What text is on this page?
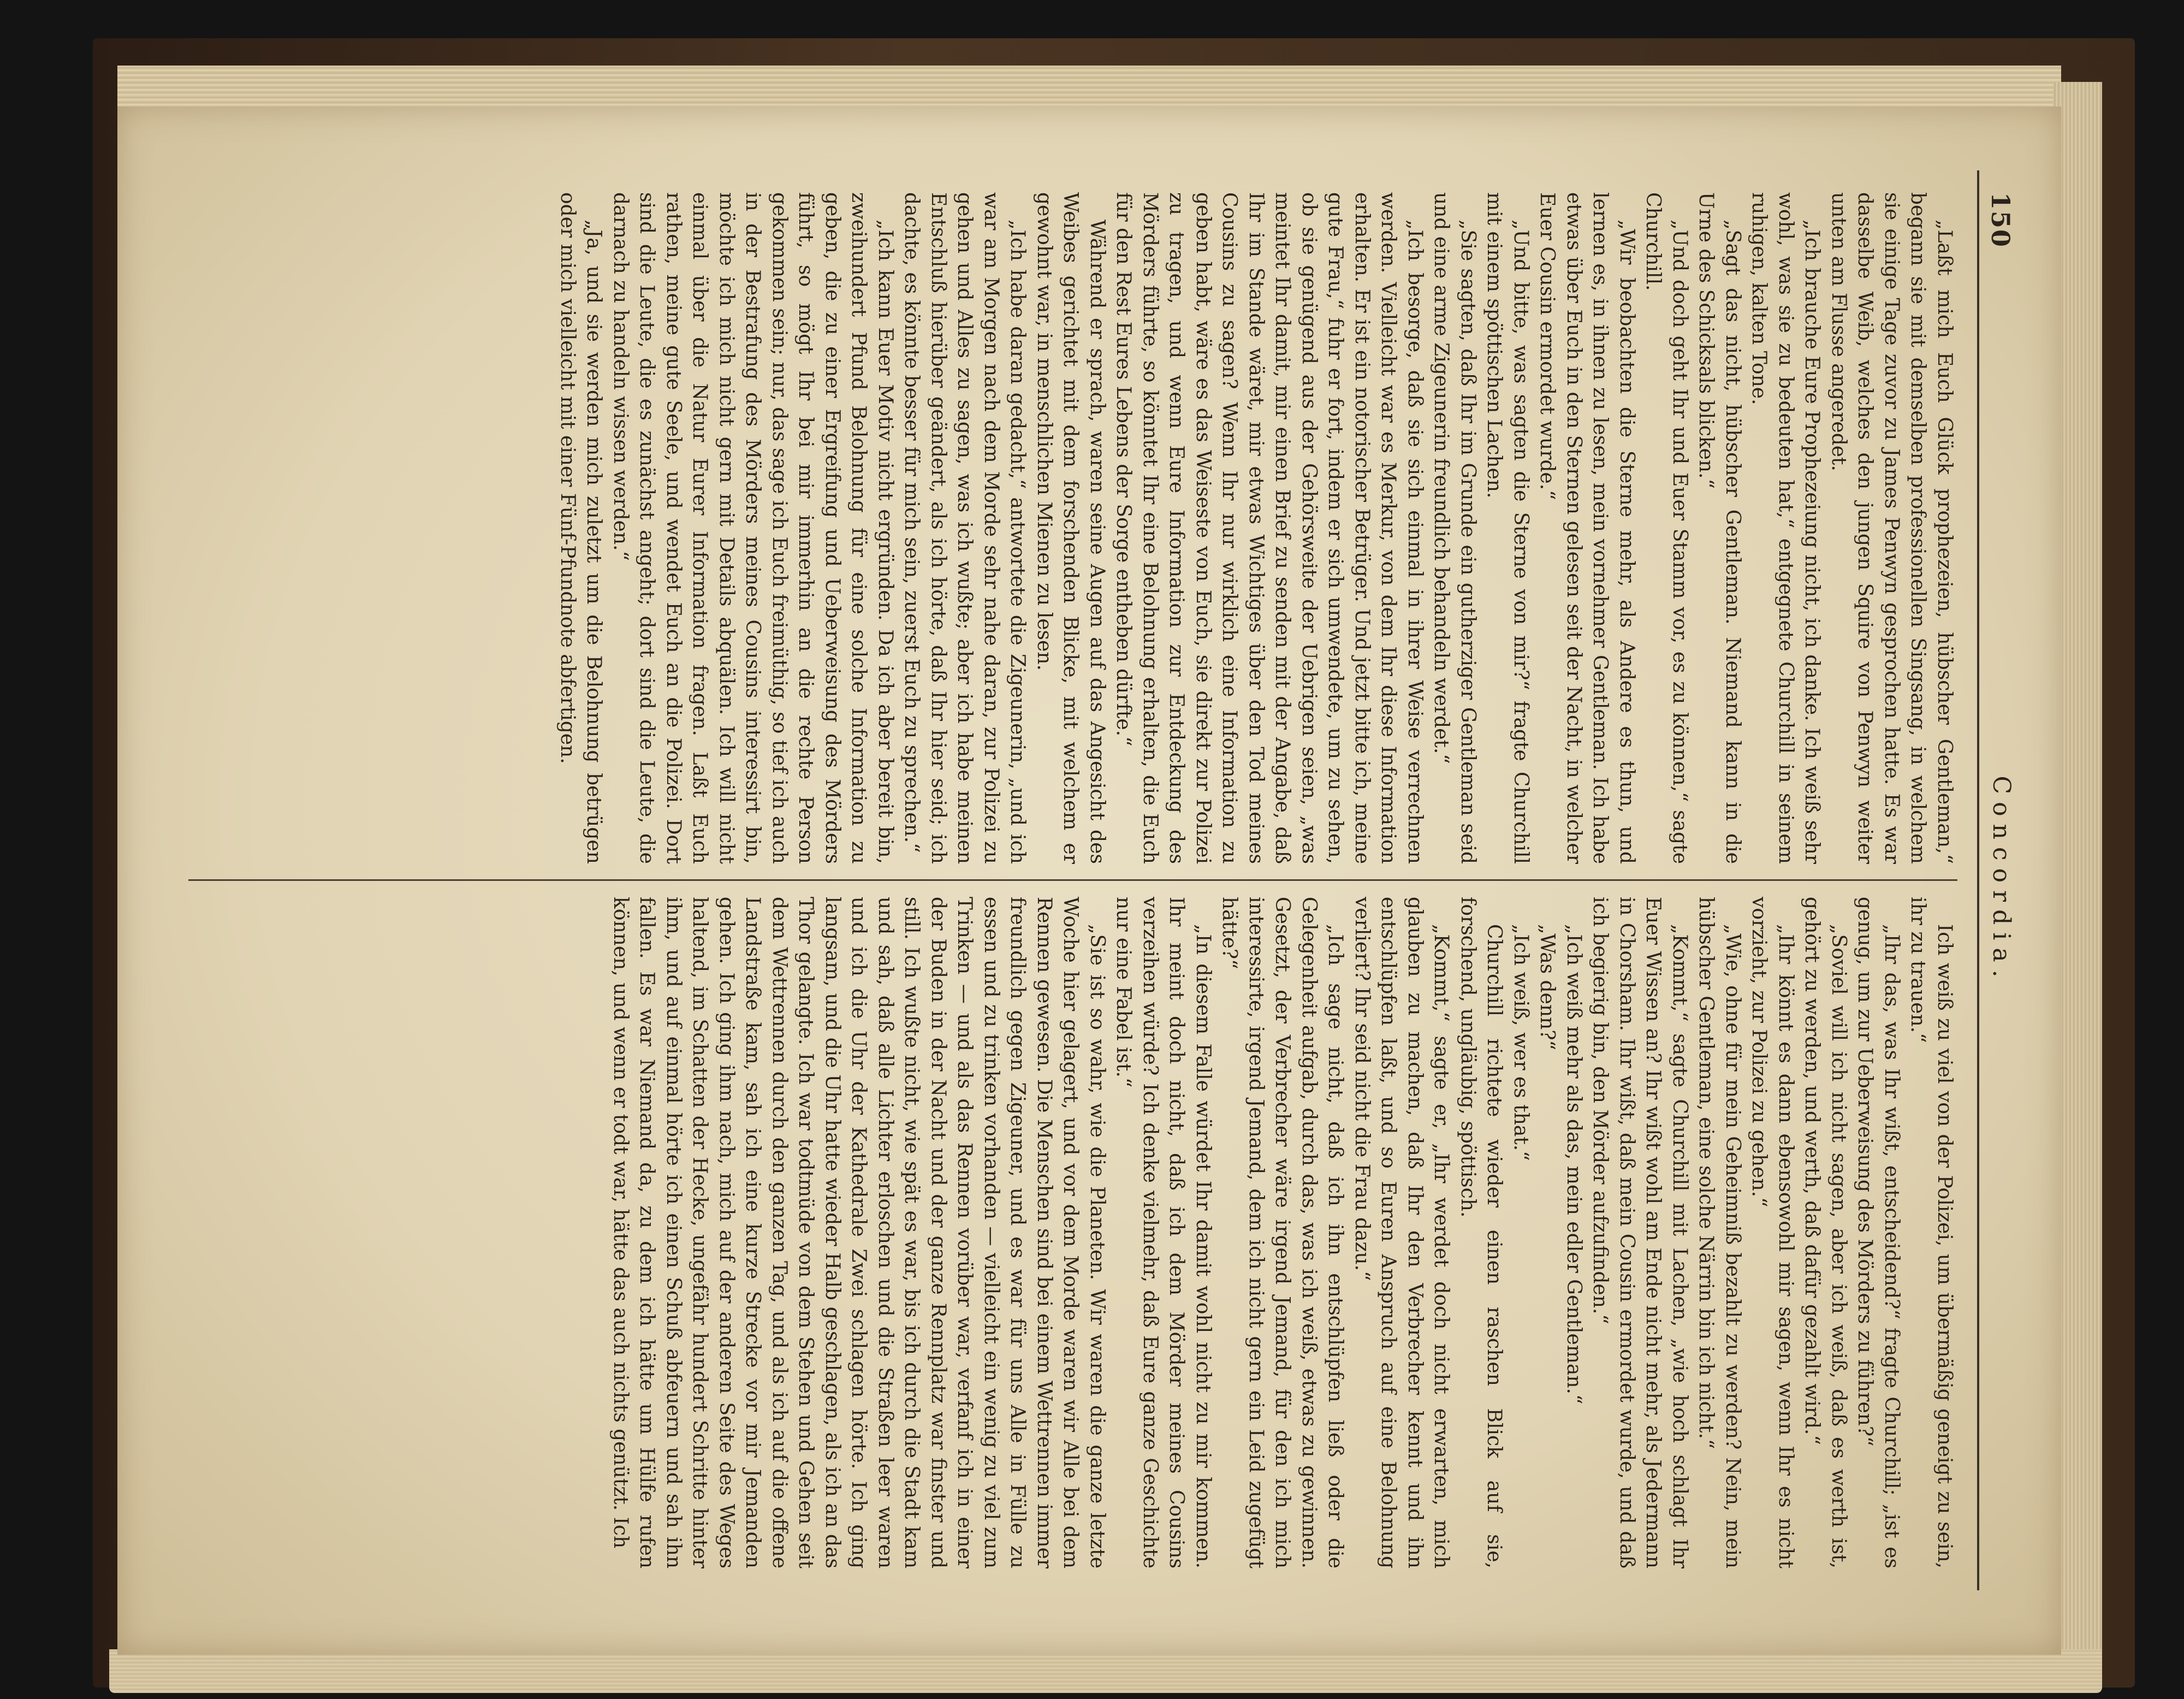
150
Concordia.

„Laßt mich Euch Glück prophezeien, hübscher Gentleman,“ begann sie mit demselben professionellen Singsang, in welchem sie einige Tage zuvor zu James Penwyn gesprochen hatte. Es war dasselbe Weib, welches den jungen Squire von Penwyn weiter unten am Flusse angeredet.

„Ich brauche Eure Prophezeiung nicht, ich danke. Ich weiß sehr wohl, was sie zu bedeuten hat,“ entgegnete Churchill in seinem ruhigen, kalten Tone.

„Sagt das nicht, hübscher Gentleman. Niemand kann in die Urne des Schicksals blicken.“

„Und doch geht Ihr und Euer Stamm vor, es zu können,“ sagte Churchill.

„Wir beobachten die Sterne mehr, als Andere es thun, und lernen es, in ihnen zu lesen, mein vornehmer Gentleman. Ich habe etwas über Euch in den Sternen gelesen seit der Nacht, in welcher Euer Cousin ermordet wurde.“

„Und bitte, was sagten die Sterne von mir?“ fragte Churchill mit einem spöttischen Lachen.

„Sie sagten, daß Ihr im Grunde ein gutherziger Gentleman seid und eine arme Zigeunerin freundlich behandeln werdet.“

„Ich besorge, daß sie sich einmal in ihrer Weise verrechnen werden. Vielleicht war es Merkur, von dem Ihr diese Information erhalten. Er ist ein notorischer Betrüger. Und jetzt bitte ich, meine gute Frau,“ fuhr er fort, indem er sich umwendete, um zu sehen, ob sie genügend aus der Gehörsweite der Uebrigen seien, „was meintet Ihr damit, mir einen Brief zu senden mit der Angabe, daß Ihr im Stande wäret, mir etwas Wichtiges über den Tod meines Cousins zu sagen? Wenn Ihr nur wirklich eine Information zu geben habt, wäre es das Weiseste von Euch, sie direkt zur Polizei zu tragen, und wenn Eure Information zur Entdeckung des Mörders führte, so könntet Ihr eine Belohnung erhalten, die Euch für den Rest Eures Lebens der Sorge entheben dürfte.“

Während er sprach, waren seine Augen auf das Angesicht des Weibes gerichtet mit dem forschenden Blicke, mit welchem er gewohnt war, in menschlichen Mienen zu lesen.

„Ich habe daran gedacht,“ antwortete die Zigeunerin, „und ich war am Morgen nach dem Morde sehr nahe daran, zur Polizei zu gehen und Alles zu sagen, was ich wußte; aber ich habe meinen Entschluß hierüber geändert, als ich hörte, daß Ihr hier seid; ich dachte, es könnte besser für mich sein, zuerst Euch zu sprechen.“

„Ich kann Euer Motiv nicht ergründen. Da ich aber bereit bin, zweihundert Pfund Belohnung für eine solche Information zu geben, die zu einer Ergreifung und Ueberweisung des Mörders führt, so mögt Ihr bei mir immerhin an die rechte Person gekommen sein; nur, das sage ich Euch freimüthig, so tief ich auch in der Bestrafung des Mörders meines Cousins interessirt bin, möchte ich mich nicht gern mit Details abquälen. Ich will nicht einmal über die Natur Eurer Information fragen. Laßt Euch rathen, meine gute Seele, und wendet Euch an die Polizei. Dort sind die Leute, die es zunächst angeht; dort sind die Leute, die darnach zu handeln wissen werden.“

„Ja, und sie werden mich zuletzt um die Belohnung betrügen oder mich vielleicht mit einer Fünf-Pfundnote abfertigen.

Ich weiß zu viel von der Polizei, um übermäßig geneigt zu sein, ihr zu trauen.“

„Ihr das, was Ihr wißt, entscheidend?“ fragte Churchill; „ist es genug, um zur Ueberweisung des Mörders zu führen?“

„Soviel will ich nicht sagen, aber ich weiß, daß es werth ist, gehört zu werden, und werth, daß dafür gezahlt wird.“

„Ihr könnt es dann ebensowohl mir sagen, wenn Ihr es nicht vorzieht, zur Polizei zu gehen.“

„Wie, ohne für mein Geheimniß bezahlt zu werden? Nein, mein hübscher Gentleman, eine solche Närrin bin ich nicht.“

„Kommt,“ sagte Churchill mit Lachen, „wie hoch schlagt Ihr Euer Wissen an? Ihr wißt wohl am Ende nicht mehr, als Jedermann in Chorsham. Ihr wißt, daß mein Cousin ermordet wurde, und daß ich begierig bin, den Mörder aufzufinden.“

„Ich weiß mehr als das, mein edler Gentleman.“

„Was denn?“

„Ich weiß, wer es that.“

Churchill richtete wieder einen raschen Blick auf sie, forschend, ungläubig, spöttisch.

„Kommt,“ sagte er, „Ihr werdet doch nicht erwarten, mich glauben zu machen, daß Ihr den Verbrecher kennt und ihn entschlüpfen laßt, und so Euren Anspruch auf eine Belohnung verliert? Ihr seid nicht die Frau dazu.“

„Ich sage nicht, daß ich ihn entschlüpfen ließ oder die Gelegenheit aufgab, durch das, was ich weiß, etwas zu gewinnen. Gesetzt, der Verbrecher wäre irgend Jemand, für den ich mich interessirte, irgend Jemand, dem ich nicht gern ein Leid zugefügt hätte?“

„In diesem Falle würdet Ihr damit wohl nicht zu mir kommen. Ihr meint doch nicht, daß ich dem Mörder meines Cousins verzeihen würde? Ich denke vielmehr, daß Eure ganze Geschichte nur eine Fabel ist.“

„Sie ist so wahr, wie die Planeten. Wir waren die ganze letzte Woche hier gelagert, und vor dem Morde waren wir Alle bei dem Rennen gewesen. Die Menschen sind bei einem Wettrennen immer freundlich gegen Zigeuner, und es war für uns Alle in Fülle zu essen und zu trinken vorhanden — vielleicht ein wenig zu viel zum Trinken — und als das Rennen vorüber war, verfanf ich in einer der Buden in der Nacht und der ganze Rennplatz war finster und still. Ich wußte nicht, wie spät es war, bis ich durch die Stadt kam und sah, daß alle Lichter erloschen und die Straßen leer waren und ich die Uhr der Kathedrale Zwei schlagen hörte. Ich ging langsam, und die Uhr hatte wieder Halb geschlagen, als ich an das Thor gelangte. Ich war todtmüde von dem Stehen und Gehen seit dem Wettrennen durch den ganzen Tag, und als ich auf die offene Landstraße kam, sah ich eine kurze Strecke vor mir Jemanden gehen. Ich ging ihm nach, mich auf der anderen Seite des Weges haltend, im Schatten der Hecke, ungefähr hundert Schritte hinter ihm, und auf einmal hörte ich einen Schuß abfeuern und sah ihn fallen. Es war Niemand da, zu dem ich hätte um Hülfe rufen können, und wenn er todt war, hätte das auch nichts genützt. Ich
